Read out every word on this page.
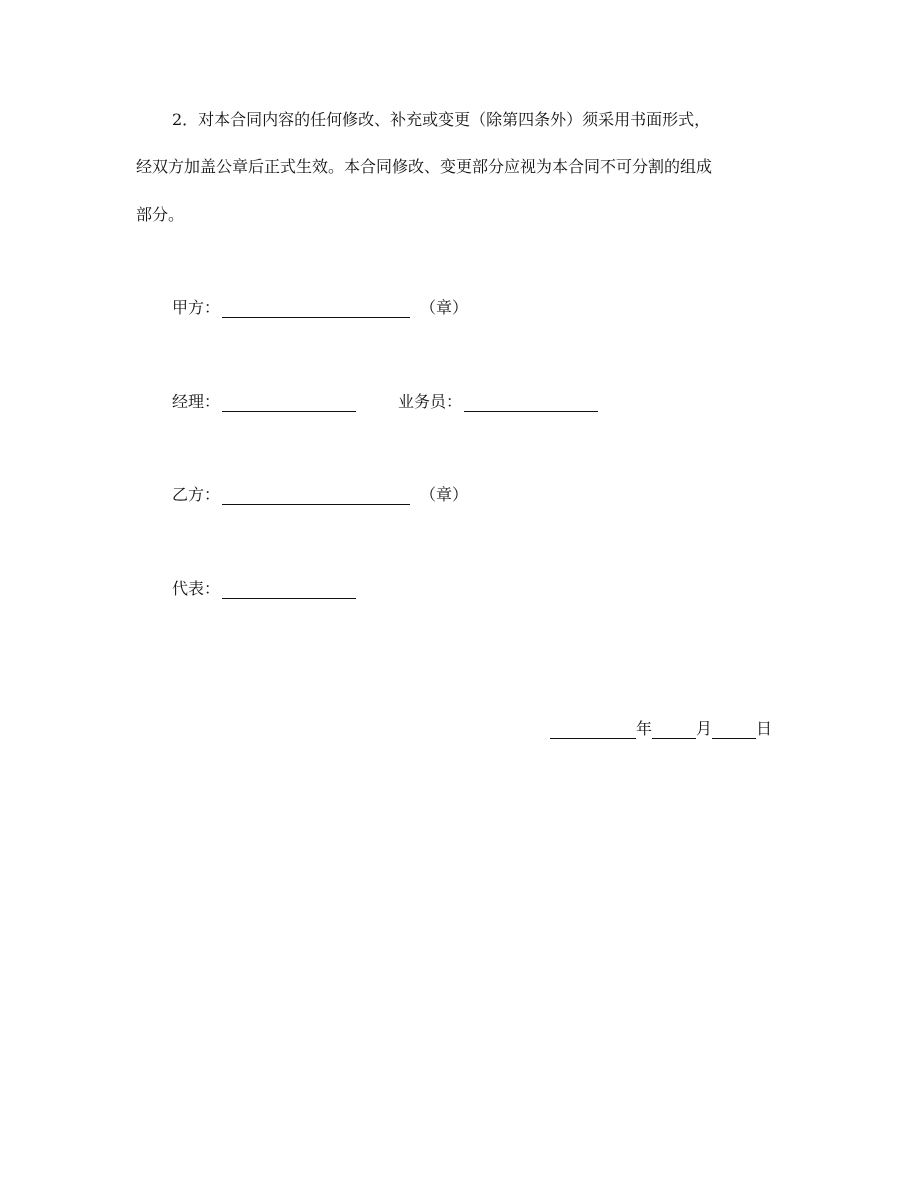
2．对本合同内容的任何修改、补充或变更（除第四条外）须采用书面形式，
经双方加盖公章后正式生效。本合同修改、变更部分应视为本合同不可分割的组成
部分。
甲方：	（章）
经理：	业务员：
乙方：	（章）
代表：
年	月	日
